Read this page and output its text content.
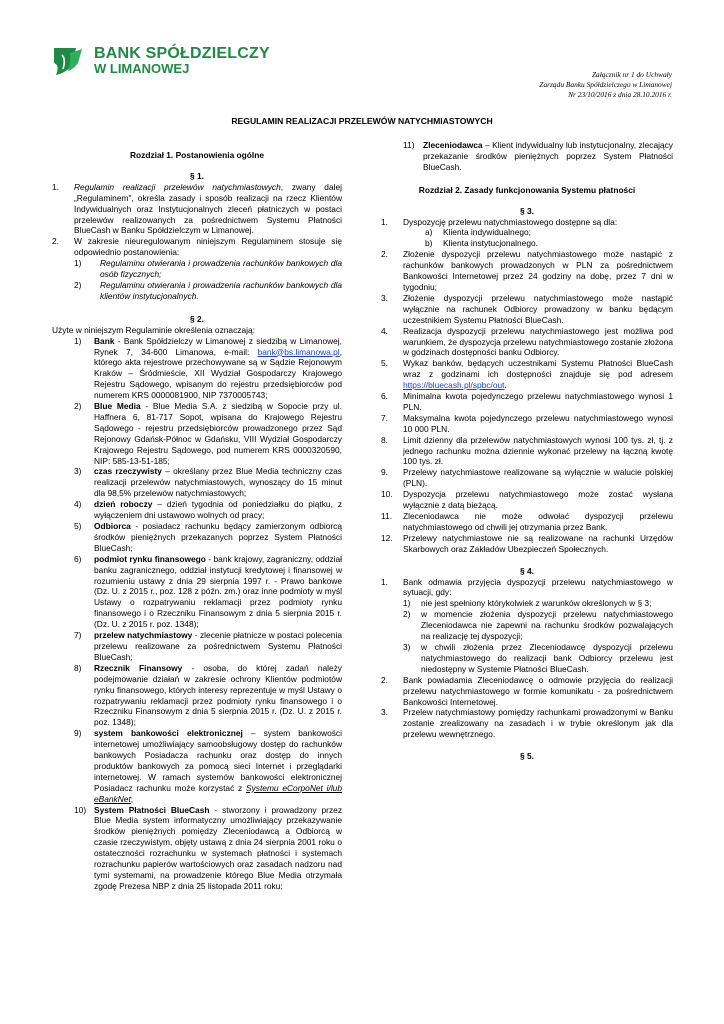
BANK SPÓŁDZIELCZY
W LIMANOWEJ	Załącznik nr 1 do Uchwały
Zarządu Banku Spółdzielczego w Limanowej
Nr 23/10/2016 z dnia 28.10.2016 r.
REGULAMIN REALIZACJI PRZELEWÓW NATYCHMIASTOWYCH
Rozdział 1. Postanowienia ogólne
§ 1.
1. Regulamin realizacji przelewów natychmiastowych, zwany dalej „Regulaminem", określa zasady i sposób realizacji na rzecz Klientów Indywidualnych oraz Instytucjonalnych zleceń płatniczych w postaci przelewów realizowanych za pośrednictwem Systemu Płatności BlueCash w Banku Spółdzielczym w Limanowej.
2. W zakresie nieuregulowanym niniejszym Regulaminem stosuje się odpowiednio postanowienia:
1) Regulaminu otwierania i prowadzenia rachunków bankowych dla osób fizycznych;
2) Regulaminu otwierania i prowadzenia rachunków bankowych dla klientów instytucjonalnych.
§ 2.
Użyte w niniejszym Regulaminie określenia oznaczają:
1) Bank - Bank Spółdzielczy w Limanowej z siedzibą w Limanowej, Rynek 7, 34-600 Limanowa, e-mail: bank@bs.limanowa.pl, którego akta rejestrowe przechowywane są w Sądzie Rejonowym Kraków – Śródmieście, XII Wydział Gospodarczy Krajowego Rejestru Sądowego, wpisanym do rejestru przedsiębiorców pod numerem KRS 0000081900, NIP 7370005743;
2) Blue Media - Blue Media S.A. z siedzibą w Sopocie przy ul. Haffnera 6, 81-717 Sopot, wpisana do Krajowego Rejestru Sądowego - rejestru przedsiębiorców prowadzonego przez Sąd Rejonowy Gdańsk-Północ w Gdańsku, VIII Wydział Gospodarczy Krajowego Rejestru Sądowego, pod numerem KRS 0000320590, NIP: 585-13-51-185;
3) czas rzeczywisty – określany przez Blue Media techniczny czas realizacji przelewów natychmiastowych, wynoszący do 15 minut dla 98,5% przelewów natychmiastowych;
4) dzień roboczy – dzień tygodnia od poniedziałku do piątku, z wyłączeniem dni ustawowo wolnych od pracy;
5) Odbiorca - posiadacz rachunku będący zamierzonym odbiorcą środków pieniężnych przekazanych poprzez System Płatności BlueCash;
6) podmiot rynku finansowego - bank krajowy, zagraniczny, oddział banku zagranicznego, oddział instytucji kredytowej i finansowej w rozumieniu ustawy z dnia 29 sierpnia 1997 r. - Prawo bankowe (Dz. U. z 2015 r., poz. 128 z późn. zm.) oraz inne podmioty w myśl Ustawy o rozpatrywaniu reklamacji przez podmioty rynku finansowego i o Rzeczniku Finansowym z dnia 5 sierpnia 2015 r. (Dz. U. z 2015 r. poz. 1348);
7) przelew natychmiastowy - zlecenie płatnicze w postaci polecenia przelewu realizowane za pośrednictwem Systemu Płatności BlueCash;
8) Rzecznik Finansowy - osoba, do której zadań należy podejmowanie działań w zakresie ochrony Klientów podmiotów rynku finansowego, których interesy reprezentuje w myśl Ustawy o rozpatrywaniu reklamacji przez podmioty rynku finansowego i o Rzeczniku Finansowym z dnia 5 sierpnia 2015 r. (Dz. U. z 2015 r. poz. 1348);
9) system bankowości elektronicznej – system bankowości internetowej umożliwiający samoobsługowy dostęp do rachunków bankowych Posiadacza rachunku oraz dostęp do innych produktów bankowych za pomocą sieci Internet i przeglądarki internetowej. W ramach systemów bankowości elektronicznej Posiadacz rachunku może korzystać z Systemu eCorpoNet i/lub eBankNet;
10) System Płatności BlueCash - stworzony i prowadzony przez Blue Media system informatyczny umożliwiający przekazywanie środków pieniężnych pomiędzy Zleceniodawcą a Odbiorcą w czasie rzeczywistym, objęty ustawą z dnia 24 sierpnia 2001 roku o ostateczności rozrachunku w systemach płatności i systemach rozrachunku papierów wartościowych oraz zasadach nadzoru nad tymi systemami, na prowadzenie którego Blue Media otrzymała zgodę Prezesa NBP z dnia 25 listopada 2011 roku;
11) Zleceniodawca – Klient indywidualny lub instytucjonalny, zlecający przekazanie środków pieniężnych poprzez System Płatności BlueCash.
Rozdział 2. Zasady funkcjonowania Systemu płatności
§ 3.
1. Dyspozycję przelewu natychmiastowego dostępne są dla:
a) Klienta indywidualnego;
b) Klienta instytucjonalnego.
2. Złożenie dyspozycji przelewu natychmiastowego może nastąpić z rachunków bankowych prowadzonych w PLN za pośrednictwem Bankowości Internetowej przez 24 godziny na dobę, przez 7 dni w tygodniu;
3. Złożenie dyspozycji przelewu natychmiastowego może nastąpić wyłącznie na rachunek Odbiorcy prowadzony w banku będącym uczestnikiem Systemu Płatności BlueCash.
4. Realizacja dyspozycji przelewu natychmiastowego jest możliwa pod warunkiem, że dyspozycja przelewu natychmiastowego zostanie złożona w godzinach dostępności banku Odbiorcy.
5. Wykaz banków, będących uczestnikami Systemu Płatności BlueCash wraz z godzinami ich dostępności znajduje się pod adresem https://bluecash.pl/spbc/out.
6. Minimalna kwota pojedynczego przelewu natychmiastowego wynosi 1 PLN.
7. Maksymalna kwota pojedynczego przelewu natychmiastowego wynosi 10 000 PLN.
8. Limit dzienny dla przelewów natychmiastowych wynosi 100 tys. zł, tj. z jednego rachunku można dziennie wykonać przelewy na łączną kwotę 100 tys. zł.
9. Przelewy natychmiastowe realizowane są wyłącznie w walucie polskiej (PLN).
10. Dyspozycja przelewu natychmiastowego może zostać wysłana wyłącznie z datą bieżącą.
11. Zleceniodawca nie może odwołać dyspozycji przelewu natychmiastowego od chwili jej otrzymania przez Bank.
12. Przelewy natychmiastowe nie są realizowane na rachunki Urzędów Skarbowych oraz Zakładów Ubezpieczeń Społecznych.
§ 4.
1. Bank odmawia przyjęcia dyspozycji przelewu natychmiastowego w sytuacji, gdy:
1) nie jest spełniony którykolwiek z warunków określonych w § 3;
2) w momencie złożenia dyspozycji przelewu natychmiastowego Zleceniodawca nie zapewni na rachunku środków pozwalających na realizację tej dyspozycji;
3) w chwili złożenia przez Zleceniodawcę dyspozycji przelewu natychmiastowego do realizacji bank Odbiorcy przelewu jest niedostępny w Systemie Płatności BlueCash.
2. Bank powiadamia Zleceniodawcę o odmowie przyjęcia do realizacji przelewu natychmiastowego w formie komunikatu - za pośrednictwem Bankowości Internetowej.
3. Przelew natychmiastowy pomiędzy rachunkami prowadzonymi w Banku zostanie zrealizowany na zasadach i w trybie określonym jak dla przelewu wewnętrznego.
§ 5.
